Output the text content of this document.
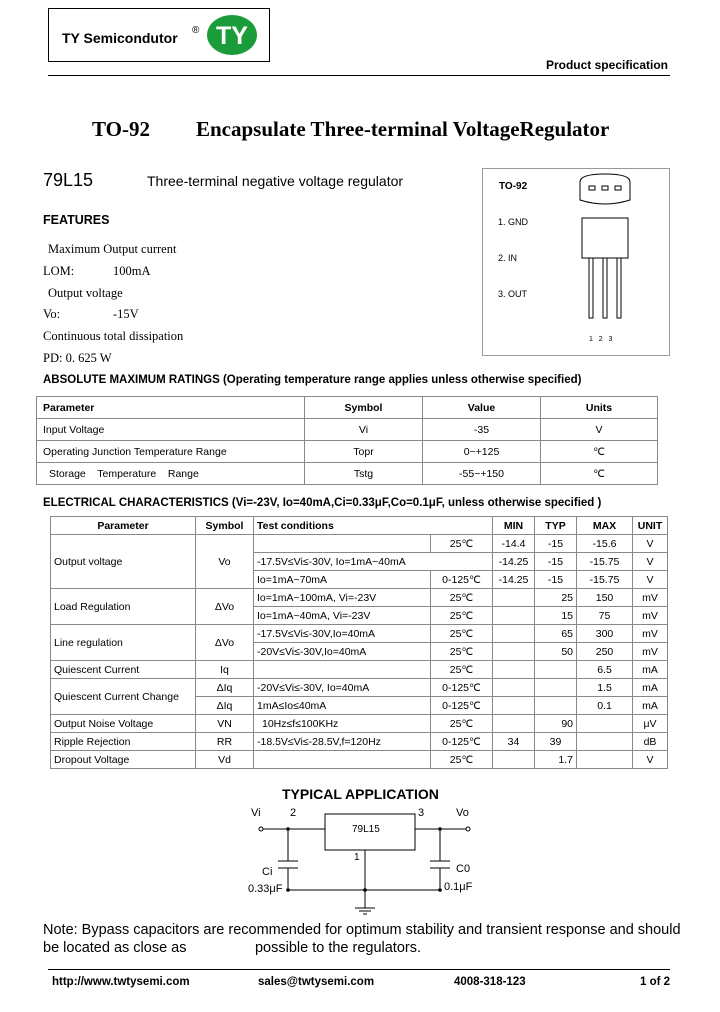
TY Semicondutor ® TY
Product specification
TO-92 Encapsulate Three-terminal VoltageRegulator
79L15	Three-terminal negative voltage regulator
FEATURES
Maximum Output current
LOM:	100mA
Output voltage
Vo:	-15V
Continuous total dissipation
PD: 0. 625 W
TO-92
1. GND
2. IN
3. OUT
1   2   3
ABSOLUTE MAXIMUM RATINGS (Operating temperature range applies unless otherwise specified)
Parameter	Symbol	Value	Units
Input Voltage	Vi	-35	V
Operating Junction Temperature Range	Topr	0~+125	℃
Storage    Temperature    Range	Tstg	-55~+150	℃
ELECTRICAL CHARACTERISTICS (Vi=-23V, Io=40mA,Ci=0.33μF,Co=0.1μF, unless otherwise specified )
Parameter	Symbol	Test conditions		MIN	TYP	MAX	UNIT
Output voltage	Vo		25℃	-14.4	-15	-15.6	V
		-17.5V≤Vi≤-30V, Io=1mA~40mA		-14.25	-15	-15.75	V
		Io=1mA~70mA	0-125℃	-14.25	-15	-15.75	V
Load Regulation	ΔVo	Io=1mA~100mA, Vi=-23V	25℃		25	150	mV
		Io=1mA~40mA, Vi=-23V	25℃		15	75	mV
Line regulation	ΔVo	-17.5V≤Vi≤-30V,Io=40mA	25℃		65	300	mV
		-20V≤Vi≤-30V,Io=40mA	25℃		50	250	mV
Quiescent Current	Iq		25℃			6.5	mA
Quiescent Current Change	ΔIq	-20V≤Vi≤-30V, Io=40mA	0-125℃			1.5	mA
	ΔIq	1mA≤Io≤40mA	0-125℃			0.1	mA
Output Noise Voltage	VN	10Hz≤f≤100KHz	25℃		90		μV
Ripple Rejection	RR	-18.5V≤Vi≤-28.5V,f=120Hz	0-125℃	34	39		dB
Dropout Voltage	Vd		25℃		1.7		V
TYPICAL APPLICATION
Vi	2	3	Vo
79L15
1
Ci
0.33μF
C0
0.1μF
Note: Bypass capacitors are recommended for optimum stability and transient response and should
be located as close as                 possible to the regulators.
http://www.twtysemi.com	sales@twtysemi.com	4008-318-123	1 of 2
